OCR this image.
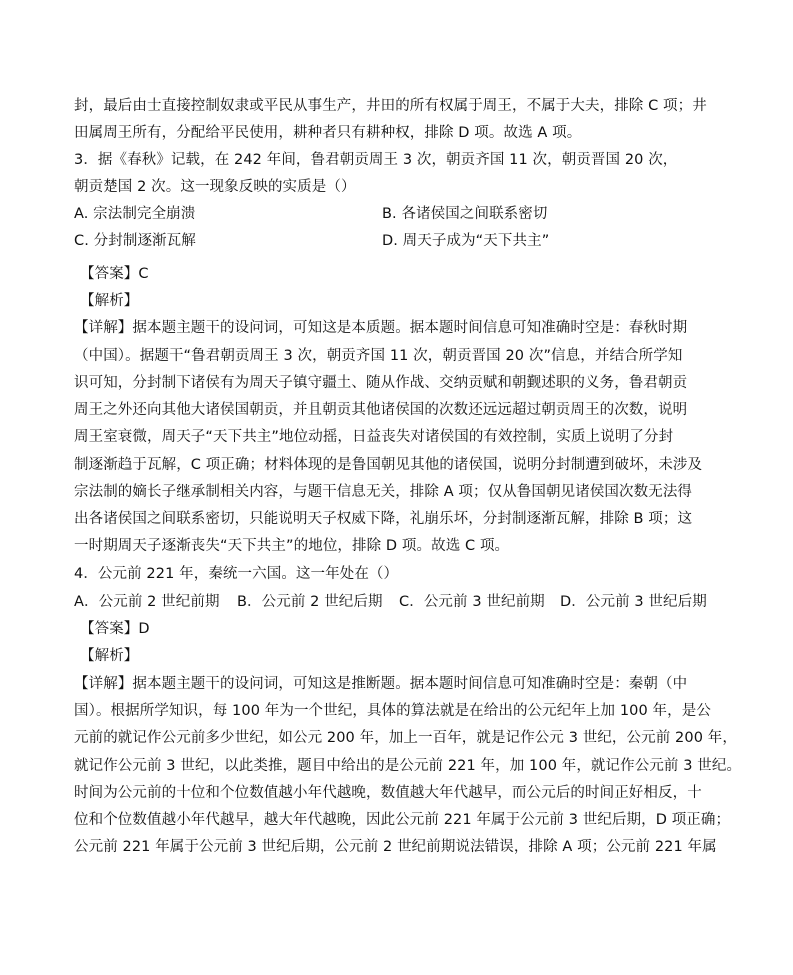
封，最后由士直接控制奴隶或平民从事生产，井田的所有权属于周王，不属于大夫，排除 C 项；井
田属周王所有，分配给平民使用，耕种者只有耕种权，排除 D 项。故选 A 项。
3．据《春秋》记载，在 242 年间，鲁君朝贡周王 3 次，朝贡齐国 11 次，朝贡晋国 20 次，
朝贡楚国 2 次。这一现象反映的实质是（）
A. 宗法制完全崩溃	B. 各诸侯国之间联系密切
C. 分封制逐渐瓦解	D. 周天子成为“天下共主”
【答案】C
【解析】
【详解】据本题主题干的设问词，可知这是本质题。据本题时间信息可知准确时空是：春秋时期
（中国）。据题干“鲁君朝贡周王 3 次，朝贡齐国 11 次，朝贡晋国 20 次”信息，并结合所学知
识可知，分封制下诸侯有为周天子镇守疆土、随从作战、交纳贡赋和朝觐述职的义务，鲁君朝贡
周王之外还向其他大诸侯国朝贡，并且朝贡其他诸侯国的次数还远远超过朝贡周王的次数，说明
周王室衰微，周天子“天下共主”地位动摇，日益丧失对诸侯国的有效控制，实质上说明了分封
制逐渐趋于瓦解，C 项正确；材料体现的是鲁国朝见其他的诸侯国，说明分封制遭到破坏，未涉及
宗法制的嫡长子继承制相关内容，与题干信息无关，排除 A 项；仅从鲁国朝见诸侯国次数无法得
出各诸侯国之间联系密切，只能说明天子权威下降，礼崩乐坏，分封制逐渐瓦解，排除 B 项；这
一时期周天子逐渐丧失“天下共主”的地位，排除 D 项。故选 C 项。
4．公元前 221 年，秦统一六国。这一年处在（）
A．公元前 2 世纪前期 B．公元前 2 世纪后期 C．公元前 3 世纪前期 D．公元前 3 世纪后期
【答案】D
【解析】
【详解】据本题主题干的设问词，可知这是推断题。据本题时间信息可知准确时空是：秦朝（中
国）。根据所学知识，每 100 年为一个世纪，具体的算法就是在给出的公元纪年上加 100 年，是公
元前的就记作公元前多少世纪，如公元 200 年，加上一百年，就是记作公元 3 世纪，公元前 200 年，
就记作公元前 3 世纪，以此类推，题目中给出的是公元前 221 年，加 100 年，就记作公元前 3 世纪。
时间为公元前的十位和个位数值越小年代越晚，数值越大年代越早，而公元后的时间正好相反，十
位和个位数值越小年代越早，越大年代越晚，因此公元前 221 年属于公元前 3 世纪后期，D 项正确；
公元前 221 年属于公元前 3 世纪后期，公元前 2 世纪前期说法错误，排除 A 项；公元前 221 年属
